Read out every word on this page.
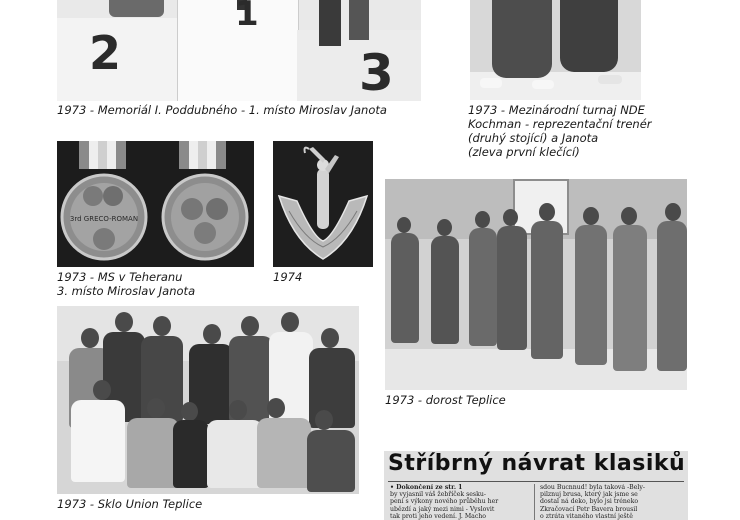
2
1
3

1973 - Memoriál I. Poddubného - 1. místo Miroslav Janota	1973 - Mezinárodní turnaj NDE
Kochman - reprezentační trenér
(druhý stojící) a Janota
(zleva první klečící)
3rd GRECO-ROMAN
1973 - MS v Teheranu
3. místo Miroslav Janota

1974

1973 - dorost Teplice

1973 - Sklo Union Teplice

Stříbrný návrat klasiků
• Dokončení ze str. 1
by vyjasnil váš žebříček sesku-
pení s výkony nového průběhu her
ubězdí a jaký mezi nimi - Vyslovit
tak proti jeho vedení. J. Macho
sdou Bucnnud! byla taková -Bely-
pilznuj brusa, který jak jsme se
dostal ná deko, bylo jsi tréneko
Zkračovací Petr Bavera brousil
o ztráta vitaného vlastní ještě
